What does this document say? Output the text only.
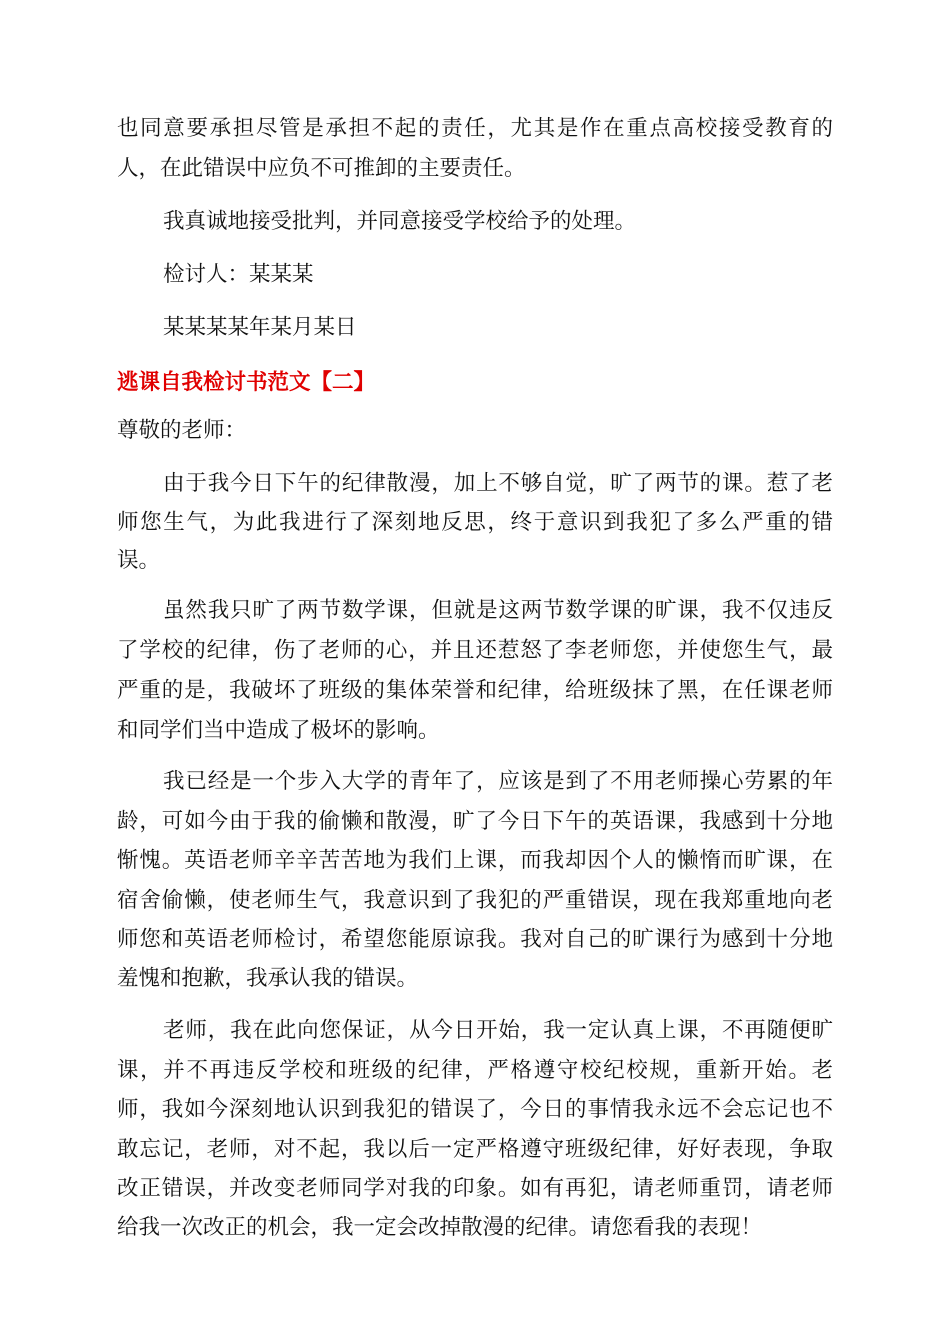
也同意要承担尽管是承担不起的责任，尤其是作在重点高校接受教育的
人，在此错误中应负不可推卸的主要责任。
我真诚地接受批判，并同意接受学校给予的处理。
检讨人：某某某
某某某某年某月某日
逃课自我检讨书范文【二】
尊敬的老师：
由于我今日下午的纪律散漫，加上不够自觉，旷了两节的课。惹了老
师您生气，为此我进行了深刻地反思，终于意识到我犯了多么严重的错
误。
虽然我只旷了两节数学课，但就是这两节数学课的旷课，我不仅违反
了学校的纪律，伤了老师的心，并且还惹怒了李老师您，并使您生气，最
严重的是，我破坏了班级的集体荣誉和纪律，给班级抹了黑，在任课老师
和同学们当中造成了极坏的影响。
我已经是一个步入大学的青年了，应该是到了不用老师操心劳累的年
龄，可如今由于我的偷懒和散漫，旷了今日下午的英语课，我感到十分地
惭愧。英语老师辛辛苦苦地为我们上课，而我却因个人的懒惰而旷课，在
宿舍偷懒，使老师生气，我意识到了我犯的严重错误，现在我郑重地向老
师您和英语老师检讨，希望您能原谅我。我对自己的旷课行为感到十分地
羞愧和抱歉，我承认我的错误。
老师，我在此向您保证，从今日开始，我一定认真上课，不再随便旷
课，并不再违反学校和班级的纪律，严格遵守校纪校规，重新开始。老
师，我如今深刻地认识到我犯的错误了，今日的事情我永远不会忘记也不
敢忘记，老师，对不起，我以后一定严格遵守班级纪律，好好表现，争取
改正错误，并改变老师同学对我的印象。如有再犯，请老师重罚，请老师
给我一次改正的机会，我一定会改掉散漫的纪律。请您看我的表现！
